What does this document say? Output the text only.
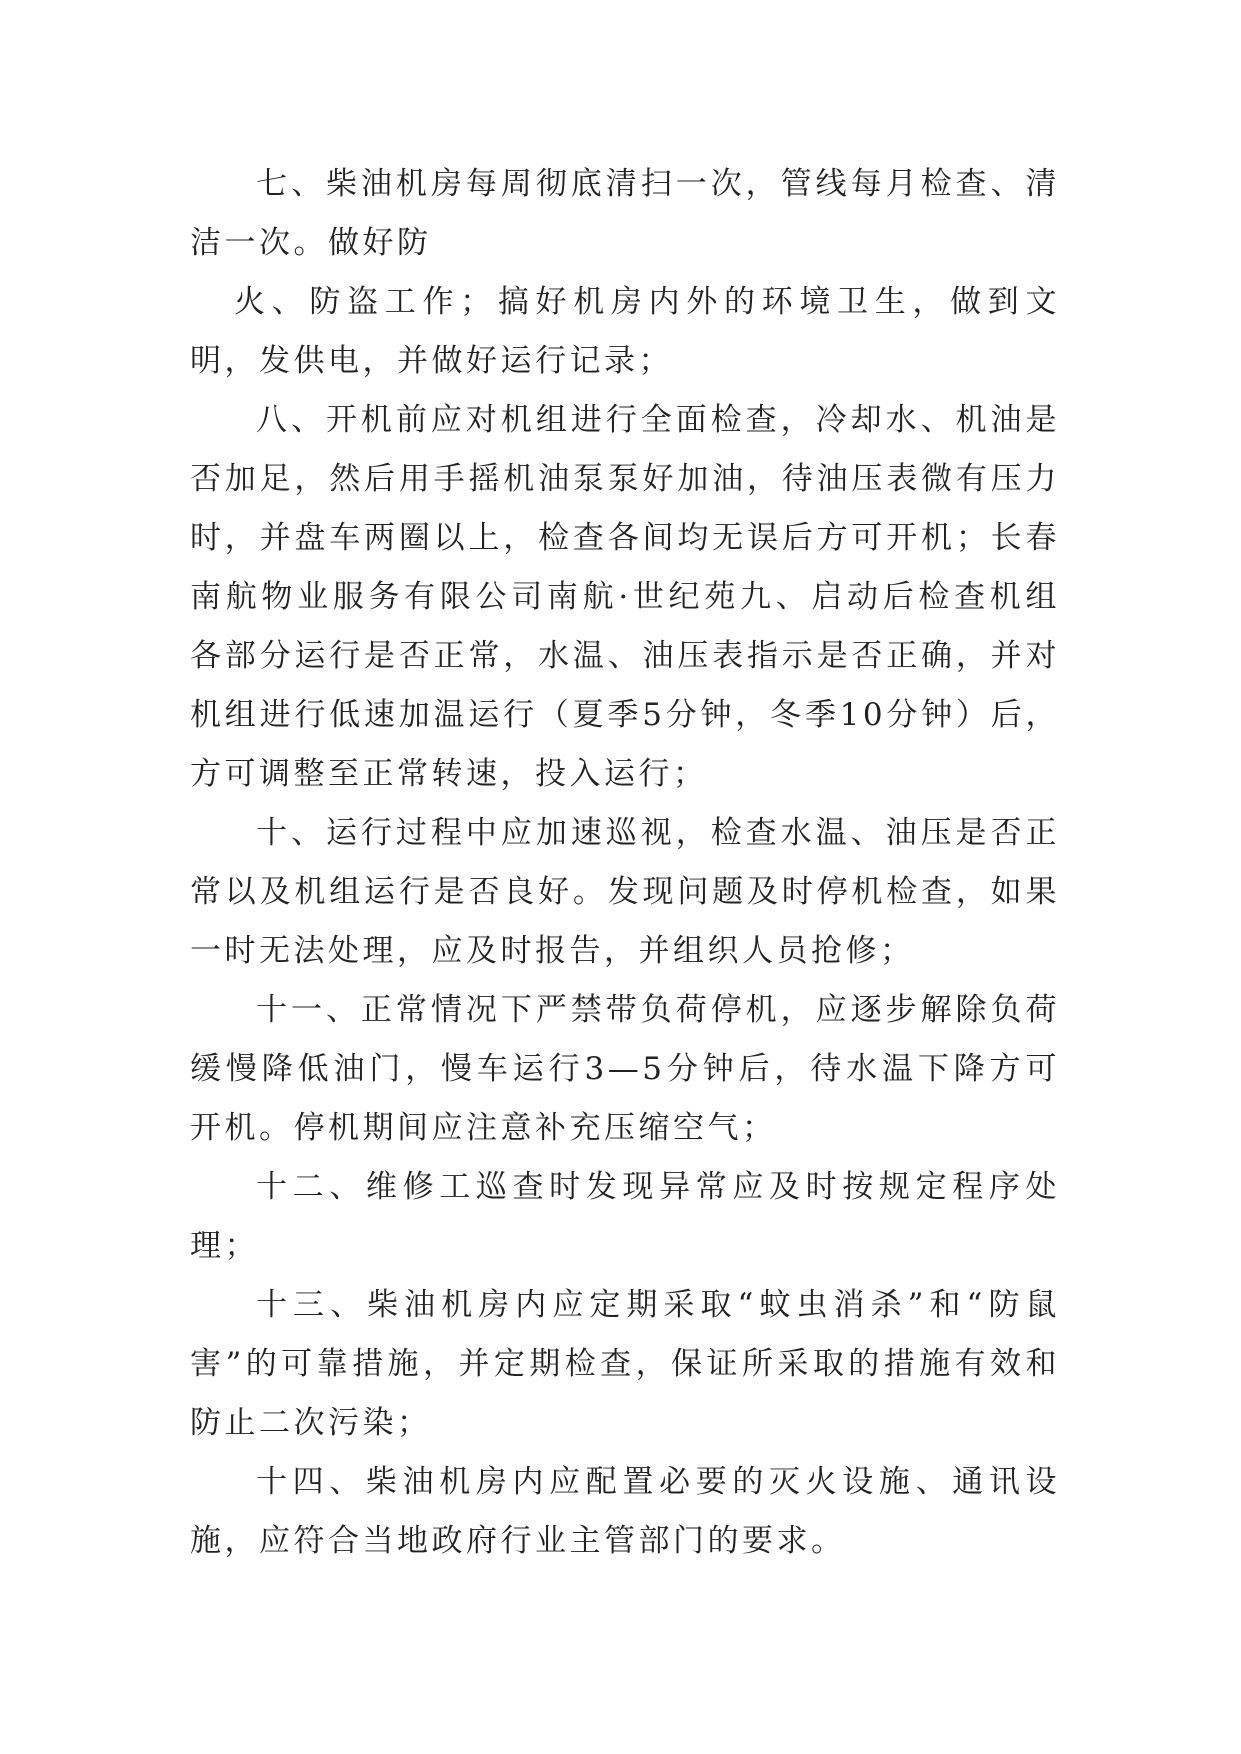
七、柴油机房每周彻底清扫一次，管线每月检查、清洁一次。做好防

火、防盗工作；搞好机房内外的环境卫生，做到文明，发供电，并做好运行记录；

八、开机前应对机组进行全面检查，冷却水、机油是否加足，然后用手摇机油泵泵好加油，待油压表微有压力时，并盘车两圈以上，检查各间均无误后方可开机；长春南航物业服务有限公司南航·世纪苑九、启动后检查机组各部分运行是否正常，水温、油压表指示是否正确，并对机组进行低速加温运行（夏季5分钟，冬季10分钟）后，方可调整至正常转速，投入运行；

十、运行过程中应加速巡视，检查水温、油压是否正常以及机组运行是否良好。发现问题及时停机检查，如果一时无法处理，应及时报告，并组织人员抢修；

十一、正常情况下严禁带负荷停机，应逐步解除负荷缓慢降低油门，慢车运行3—5分钟后，待水温下降方可开机。停机期间应注意补充压缩空气；

十二、维修工巡查时发现异常应及时按规定程序处理；

十三、柴油机房内应定期采取“蚊虫消杀”和“防鼠害”的可靠措施，并定期检查，保证所采取的措施有效和防止二次污染；

十四、柴油机房内应配置必要的灭火设施、通讯设施，应符合当地政府行业主管部门的要求。
